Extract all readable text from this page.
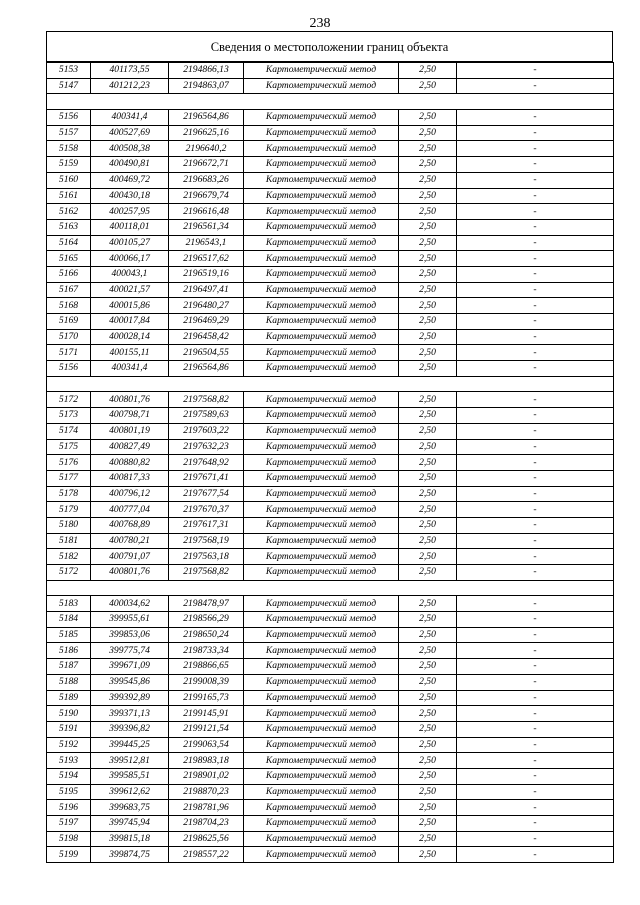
238
Сведения о местоположении границ объекта
5153	401173,55	2194866,13	Картометрический метод	2,50	-
5147	401212,23	2194863,07	Картометрический метод	2,50	-

5156	400341,4	2196564,86	Картометрический метод	2,50	-
5157	400527,69	2196625,16	Картометрический метод	2,50	-
5158	400508,38	2196640,2	Картометрический метод	2,50	-
5159	400490,81	2196672,71	Картометрический метод	2,50	-
5160	400469,72	2196683,26	Картометрический метод	2,50	-
5161	400430,18	2196679,74	Картометрический метод	2,50	-
5162	400257,95	2196616,48	Картометрический метод	2,50	-
5163	400118,01	2196561,34	Картометрический метод	2,50	-
5164	400105,27	2196543,1	Картометрический метод	2,50	-
5165	400066,17	2196517,62	Картометрический метод	2,50	-
5166	400043,1	2196519,16	Картометрический метод	2,50	-
5167	400021,57	2196497,41	Картометрический метод	2,50	-
5168	400015,86	2196480,27	Картометрический метод	2,50	-
5169	400017,84	2196469,29	Картометрический метод	2,50	-
5170	400028,14	2196458,42	Картометрический метод	2,50	-
5171	400155,11	2196504,55	Картометрический метод	2,50	-
5156	400341,4	2196564,86	Картометрический метод	2,50	-

5172	400801,76	2197568,82	Картометрический метод	2,50	-
5173	400798,71	2197589,63	Картометрический метод	2,50	-
5174	400801,19	2197603,22	Картометрический метод	2,50	-
5175	400827,49	2197632,23	Картометрический метод	2,50	-
5176	400880,82	2197648,92	Картометрический метод	2,50	-
5177	400817,33	2197671,41	Картометрический метод	2,50	-
5178	400796,12	2197677,54	Картометрический метод	2,50	-
5179	400777,04	2197670,37	Картометрический метод	2,50	-
5180	400768,89	2197617,31	Картометрический метод	2,50	-
5181	400780,21	2197568,19	Картометрический метод	2,50	-
5182	400791,07	2197563,18	Картометрический метод	2,50	-
5172	400801,76	2197568,82	Картометрический метод	2,50	-

5183	400034,62	2198478,97	Картометрический метод	2,50	-
5184	399955,61	2198566,29	Картометрический метод	2,50	-
5185	399853,06	2198650,24	Картометрический метод	2,50	-
5186	399775,74	2198733,34	Картометрический метод	2,50	-
5187	399671,09	2198866,65	Картометрический метод	2,50	-
5188	399545,86	2199008,39	Картометрический метод	2,50	-
5189	399392,89	2199165,73	Картометрический метод	2,50	-
5190	399371,13	2199145,91	Картометрический метод	2,50	-
5191	399396,82	2199121,54	Картометрический метод	2,50	-
5192	399445,25	2199063,54	Картометрический метод	2,50	-
5193	399512,81	2198983,18	Картометрический метод	2,50	-
5194	399585,51	2198901,02	Картометрический метод	2,50	-
5195	399612,62	2198870,23	Картометрический метод	2,50	-
5196	399683,75	2198781,96	Картометрический метод	2,50	-
5197	399745,94	2198704,23	Картометрический метод	2,50	-
5198	399815,18	2198625,56	Картометрический метод	2,50	-
5199	399874,75	2198557,22	Картометрический метод	2,50	-
